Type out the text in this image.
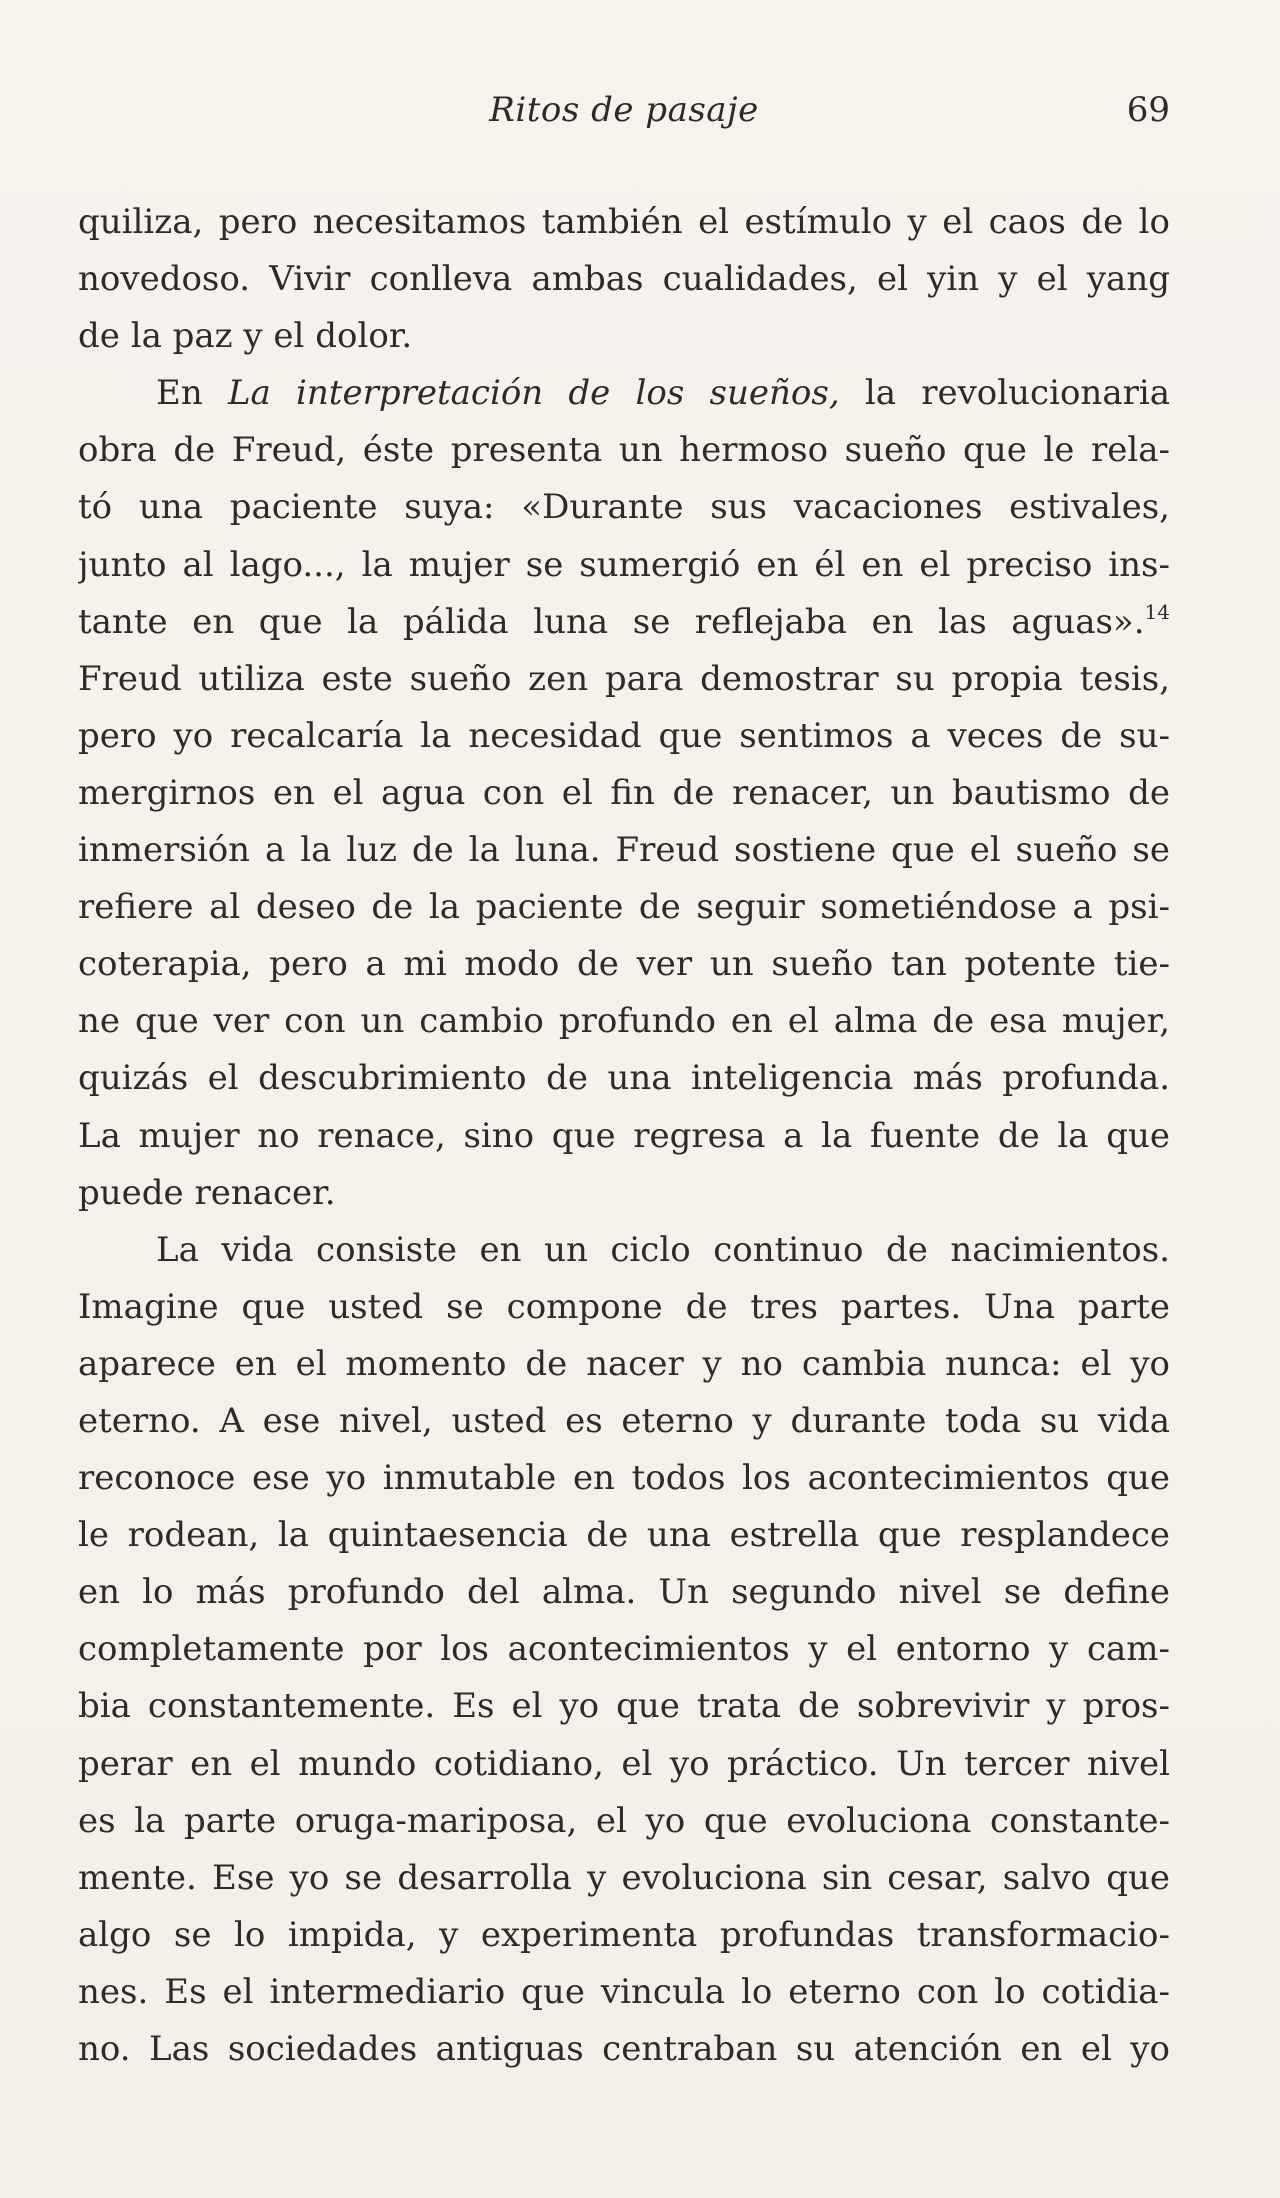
Ritos de pasaje	69
quiliza, pero necesitamos también el estímulo y el caos de lo
novedoso. Vivir conlleva ambas cualidades, el yin y el yang
de la paz y el dolor.
En La interpretación de los sueños, la revolucionaria
obra de Freud, éste presenta un hermoso sueño que le rela-
tó una paciente suya: «Durante sus vacaciones estivales,
junto al lago..., la mujer se sumergió en él en el preciso ins-
tante en que la pálida luna se reflejaba en las aguas».$^{14}$
Freud utiliza este sueño zen para demostrar su propia tesis,
pero yo recalcaría la necesidad que sentimos a veces de su-
mergirnos en el agua con el fin de renacer, un bautismo de
inmersión a la luz de la luna. Freud sostiene que el sueño se
refiere al deseo de la paciente de seguir sometiéndose a psi-
coterapia, pero a mi modo de ver un sueño tan potente tie-
ne que ver con un cambio profundo en el alma de esa mujer,
quizás el descubrimiento de una inteligencia más profunda.
La mujer no renace, sino que regresa a la fuente de la que
puede renacer.
La vida consiste en un ciclo continuo de nacimientos.
Imagine que usted se compone de tres partes. Una parte
aparece en el momento de nacer y no cambia nunca: el yo
eterno. A ese nivel, usted es eterno y durante toda su vida
reconoce ese yo inmutable en todos los acontecimientos que
le rodean, la quintaesencia de una estrella que resplandece
en lo más profundo del alma. Un segundo nivel se define
completamente por los acontecimientos y el entorno y cam-
bia constantemente. Es el yo que trata de sobrevivir y pros-
perar en el mundo cotidiano, el yo práctico. Un tercer nivel
es la parte oruga-mariposa, el yo que evoluciona constante-
mente. Ese yo se desarrolla y evoluciona sin cesar, salvo que
algo se lo impida, y experimenta profundas transformacio-
nes. Es el intermediario que vincula lo eterno con lo cotidia-
no. Las sociedades antiguas centraban su atención en el yo
